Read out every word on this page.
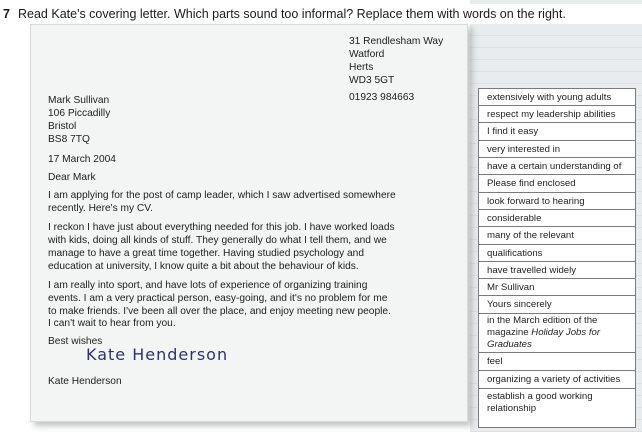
7 Read Kate's covering letter. Which parts sound too informal? Replace them with words on the right.
31 Rendlesham Way
Watford
Herts
WD3 5GT
01923 984663
Mark Sullivan
106 Piccadilly
Bristol
BS8 7TQ
17 March 2004
Dear Mark
I am applying for the post of camp leader, which I saw advertised somewhere
recently. Here's my CV.
I reckon I have just about everything needed for this job. I have worked loads
with kids, doing all kinds of stuff. They generally do what I tell them, and we
manage to have a great time together. Having studied psychology and
education at university, I know quite a bit about the behaviour of kids.
I am really into sport, and have lots of experience of organizing training
events. I am a very practical person, easy-going, and it's no problem for me
to make friends. I've been all over the place, and enjoy meeting new people.
I can't wait to hear from you.
Best wishes
Kate Henderson
Kate Henderson
extensively with young adults
respect my leadership abilities
I find it easy
very interested in
have a certain understanding of
Please find enclosed
look forward to hearing
considerable
many of the relevant
qualifications
have travelled widely
Mr Sullivan
Yours sincerely
in the March edition of the magazine Holiday Jobs for Graduates
feel
organizing a variety of activities
establish a good working relationship
